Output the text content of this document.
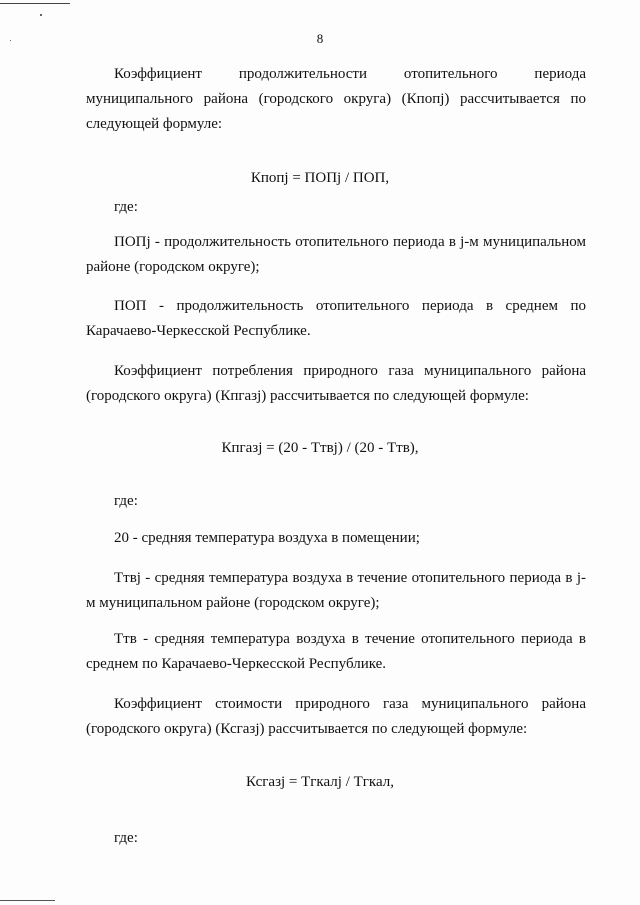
8
Коэффициент продолжительности отопительного периода
муниципального района (городского округа) (Кпопj) рассчитывается по
следующей формуле:
Кпопj = ПОПj / ПОП,
где:
ПОПj - продолжительность отопительного периода в j-м муниципальном
районе (городском округе);
ПОП - продолжительность отопительного периода в среднем по
Карачаево-Черкесской Республике.
Коэффициент потребления природного газа муниципального района
(городского округа) (Кпгазj) рассчитывается по следующей формуле:
Кпгазj = (20 - Ттвj) / (20 - Ттв),
где:
20 - средняя температура воздуха в помещении;
Ттвj - средняя температура воздуха в течение отопительного периода в j-
м муниципальном районе (городском округе);
Ттв - средняя температура воздуха в течение отопительного периода в
среднем по Карачаево-Черкесской Республике.
Коэффициент стоимости природного газа муниципального района
(городского округа) (Ксгазj) рассчитывается по следующей формуле:
Ксгазj = Тгкалj / Тгкал,
где:
